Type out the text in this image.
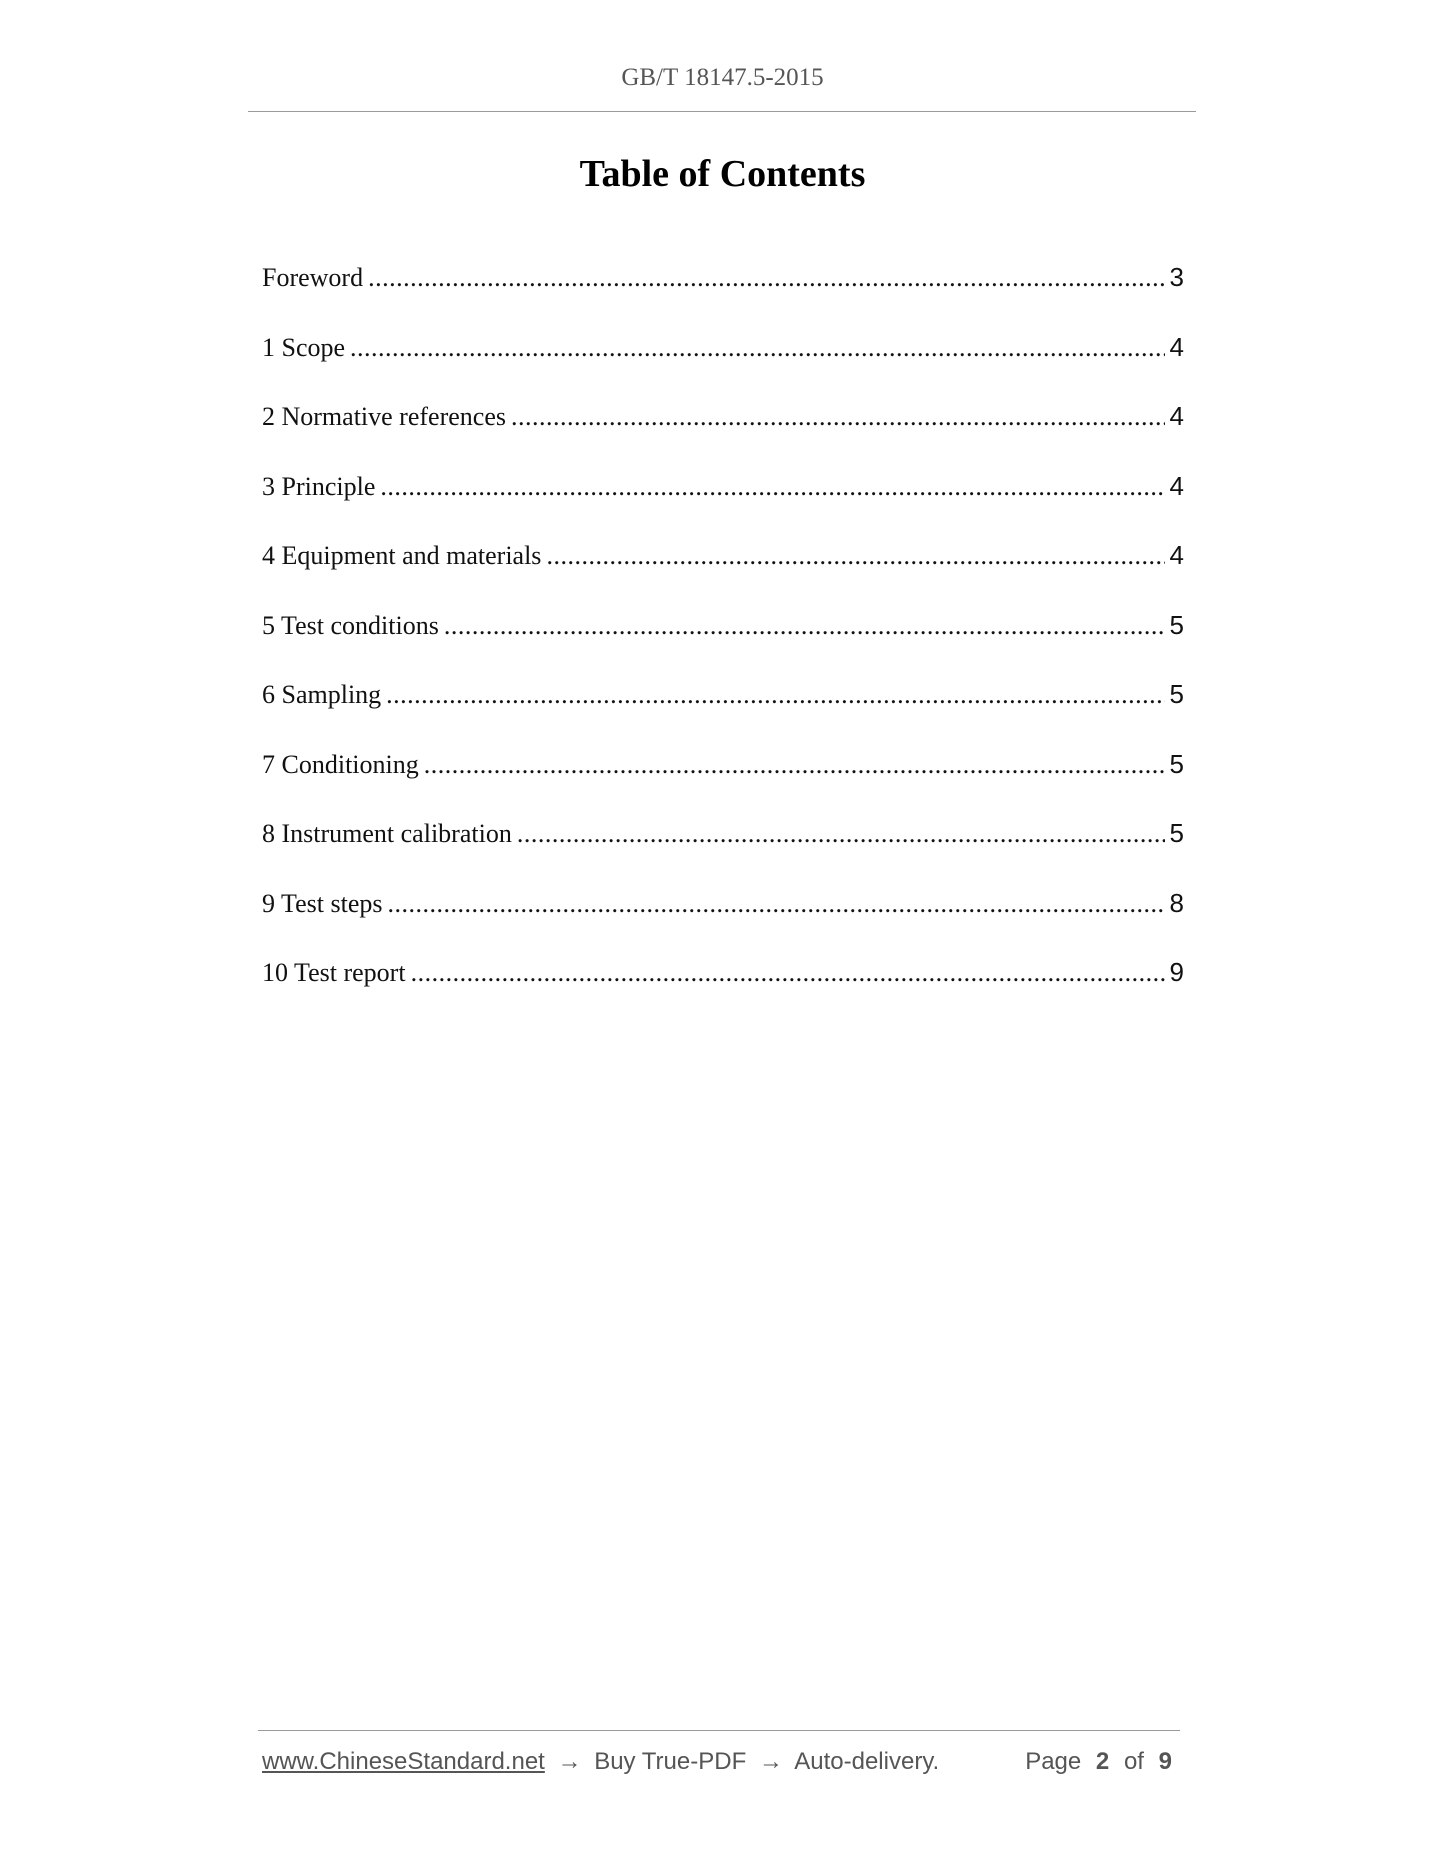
GB/T 18147.5-2015
Table of Contents
Foreword .....	3
1 Scope .....	4
2 Normative references .....	4
3 Principle .....	4
4 Equipment and materials .....	4
5 Test conditions .....	5
6 Sampling .....	5
7 Conditioning .....	5
8 Instrument calibration .....	5
9 Test steps .....	8
10 Test report .....	9
www.ChineseStandard.net → Buy True-PDF → Auto-delivery.	Page 2 of 9
